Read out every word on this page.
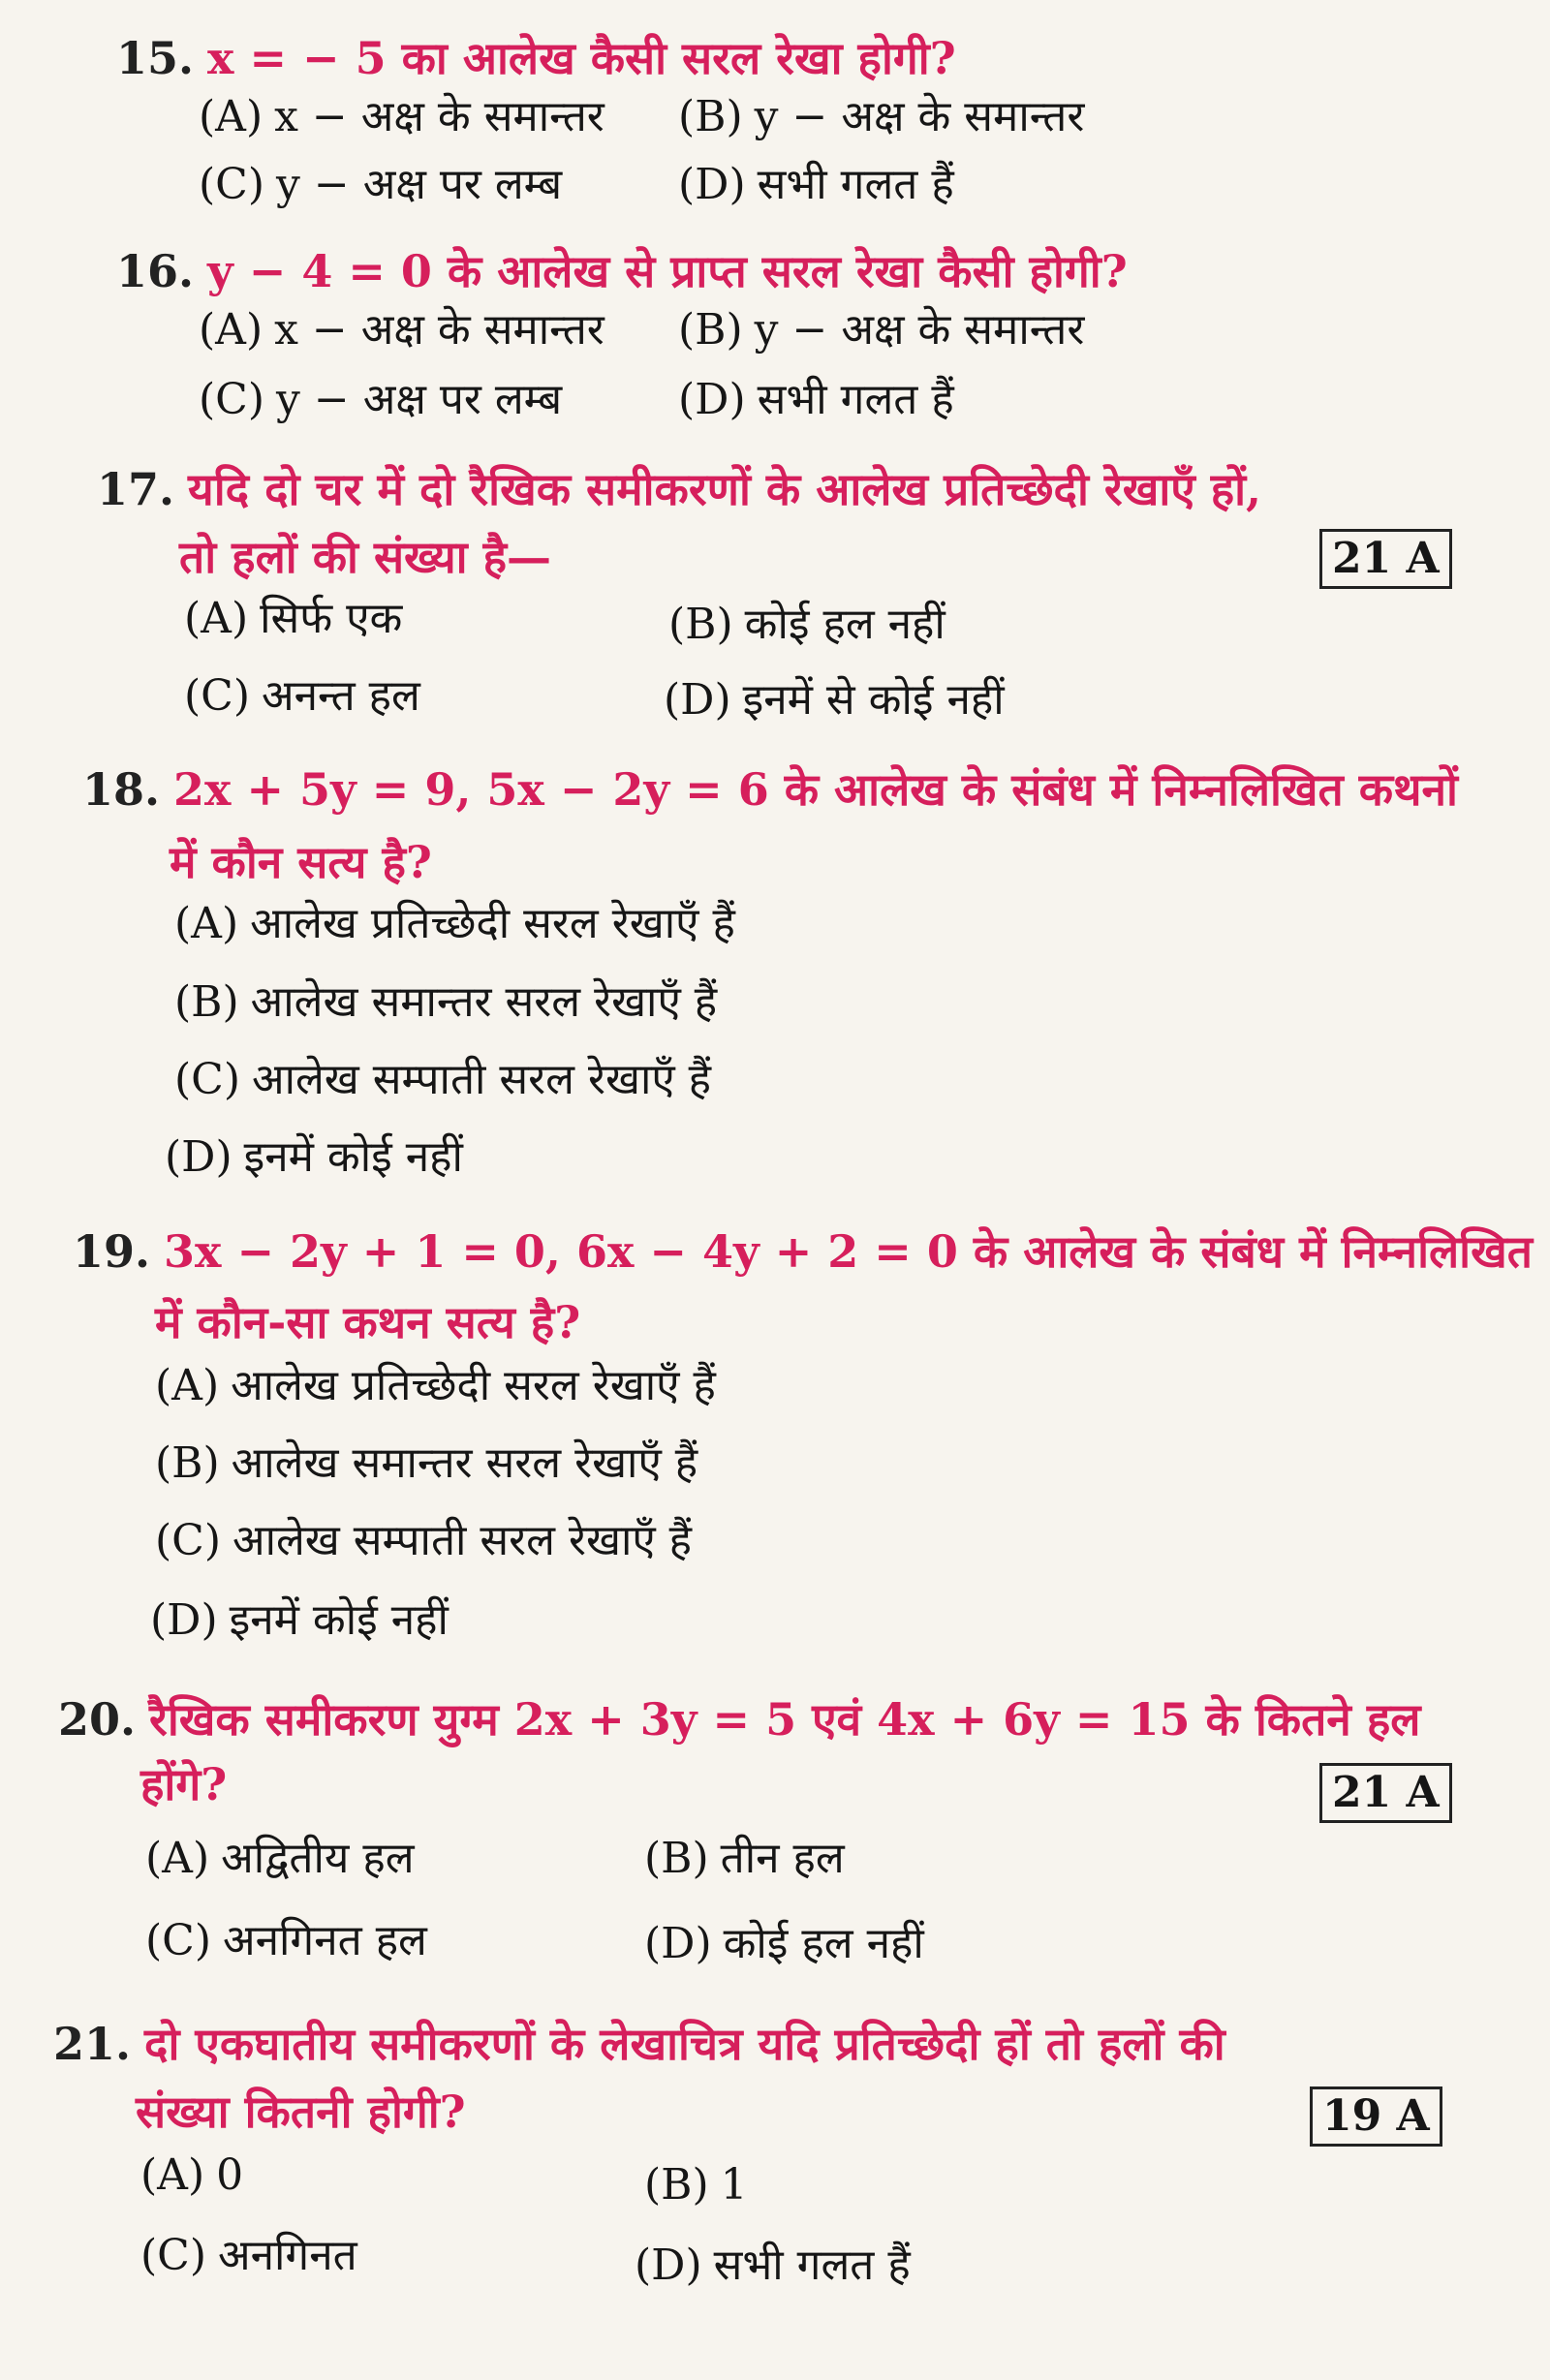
15. x = − 5 का आलेख कैसी सरल रेखा होगी?
(A) x − अक्ष के समान्तर (B) y − अक्ष के समान्तर
(C) y − अक्ष पर लम्ब	(D) सभी गलत हैं
16. y − 4 = 0 के आलेख से प्राप्त सरल रेखा कैसी होगी?
(A) x − अक्ष के समान्तर (B) y − अक्ष के समान्तर
(C) y − अक्ष पर लम्ब	(D) सभी गलत हैं
17. यदि दो चर में दो रैखिक समीकरणों के आलेख प्रतिच्छेदी रेखाएँ हों,
तो हलों की संख्या है—	21 A
(A) सिर्फ एक	(B) कोई हल नहीं
(C) अनन्त हल	(D) इनमें से कोई नहीं
18. 2x + 5y = 9, 5x − 2y = 6 के आलेख के संबंध में निम्नलिखित कथनों
में कौन सत्य है?
(A) आलेख प्रतिच्छेदी सरल रेखाएँ हैं
(B) आलेख समान्तर सरल रेखाएँ हैं
(C) आलेख सम्पाती सरल रेखाएँ हैं
(D) इनमें कोई नहीं
19. 3x − 2y + 1 = 0, 6x − 4y + 2 = 0 के आलेख के संबंध में निम्नलिखित
में कौन-सा कथन सत्य है?
(A) आलेख प्रतिच्छेदी सरल रेखाएँ हैं
(B) आलेख समान्तर सरल रेखाएँ हैं
(C) आलेख सम्पाती सरल रेखाएँ हैं
(D) इनमें कोई नहीं
20. रैखिक समीकरण युग्म 2x + 3y = 5 एवं 4x + 6y = 15 के कितने हल
होंगे?	21 A
(A) अद्वितीय हल	(B) तीन हल
(C) अनगिनत हल	(D) कोई हल नहीं
21. दो एकघातीय समीकरणों के लेखाचित्र यदि प्रतिच्छेदी हों तो हलों की
संख्या कितनी होगी?	19 A
(A) 0	(B) 1
(C) अनगिनत	(D) सभी गलत हैं
